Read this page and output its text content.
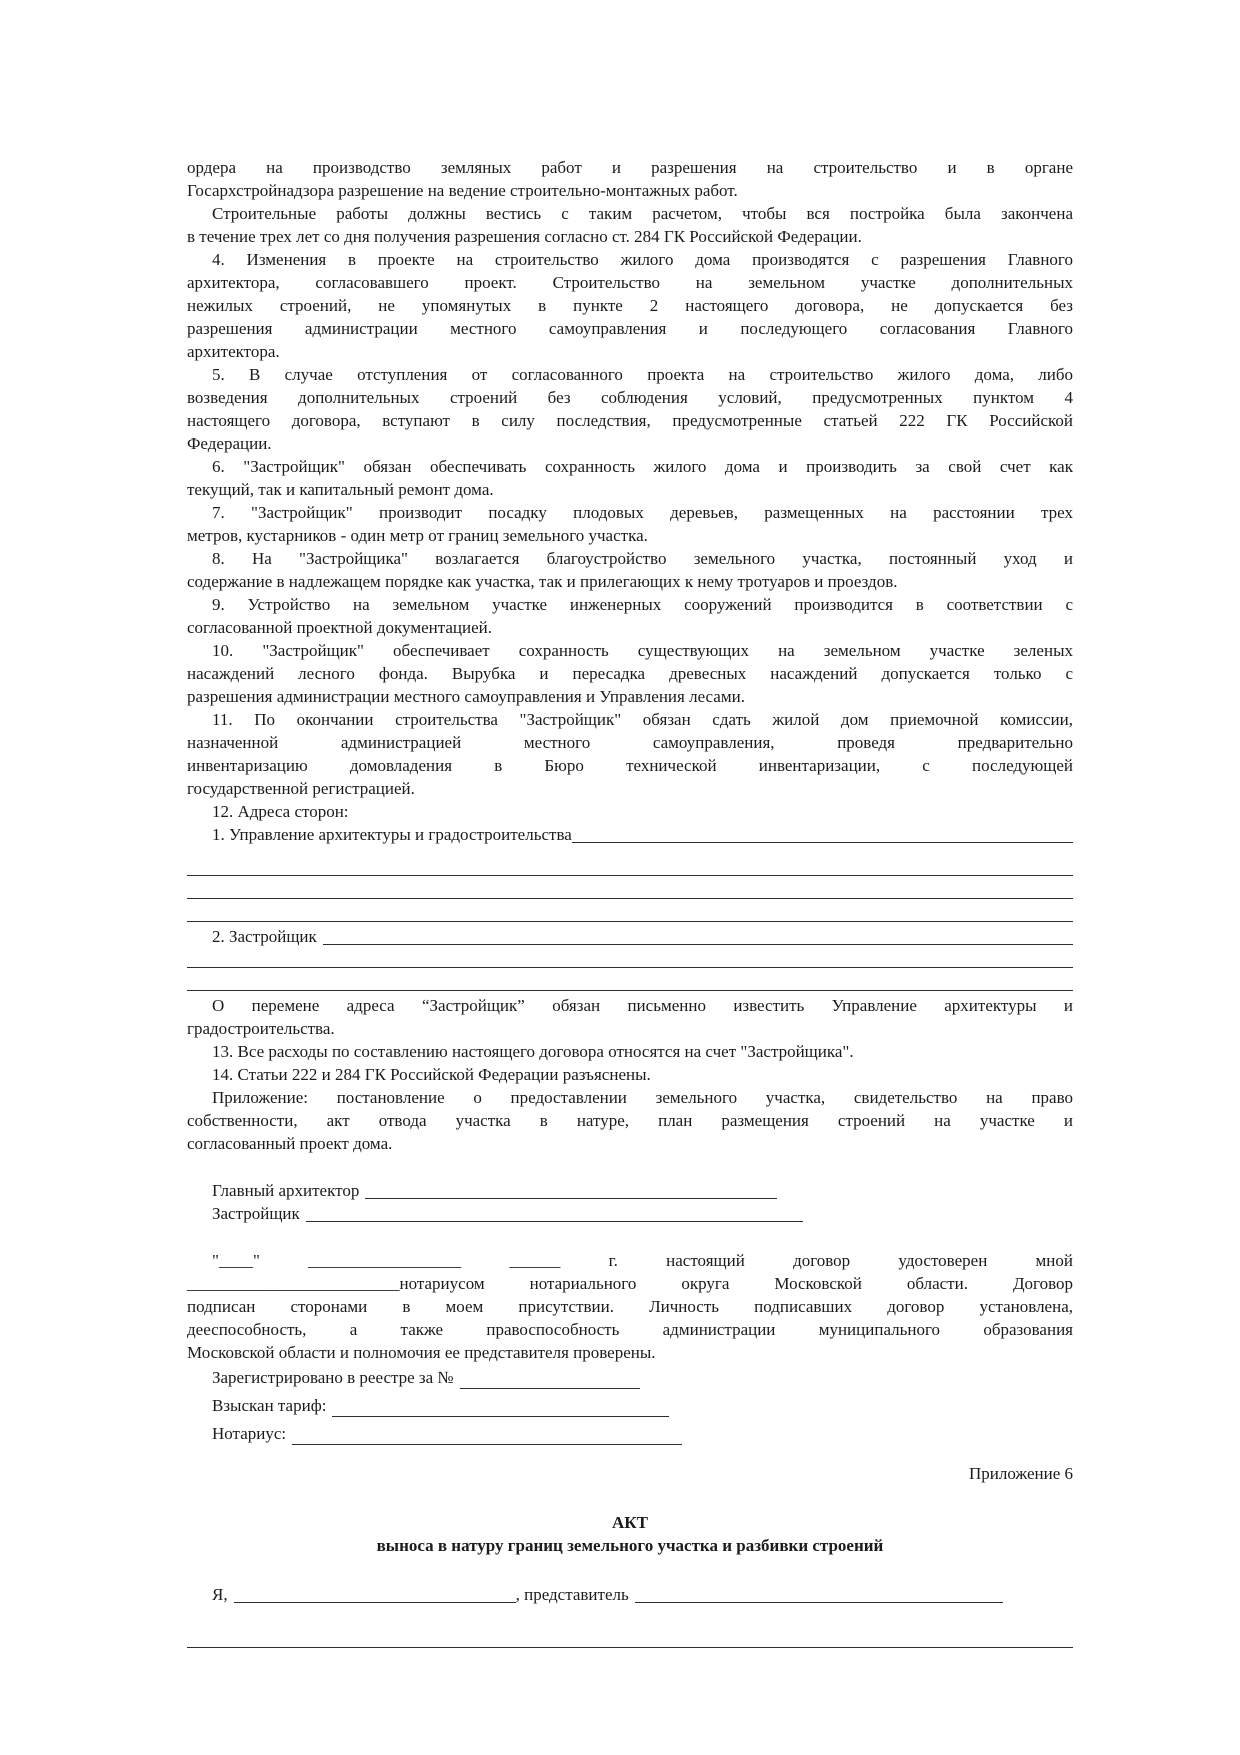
ордера на производство земляных работ и разрешения на строительство и в органе
Госархстройнадзора разрешение на ведение строительно-монтажных работ.
Строительные работы должны вестись с таким расчетом, чтобы вся постройка была закончена
в течение трех лет со дня получения разрешения согласно ст. 284 ГК Российской Федерации.
4. Изменения в проекте на строительство жилого дома производятся с разрешения Главного
архитектора, согласовавшего проект. Строительство на земельном участке дополнительных
нежилых строений, не упомянутых в пункте 2 настоящего договора, не допускается без
разрешения администрации местного самоуправления и последующего согласования Главного
архитектора.
5. В случае отступления от согласованного проекта на строительство жилого дома, либо
возведения дополнительных строений без соблюдения условий, предусмотренных пунктом 4
настоящего договора, вступают в силу последствия, предусмотренные статьей 222 ГК Российской
Федерации.
6. "Застройщик" обязан обеспечивать сохранность жилого дома и производить за свой счет как
текущий, так и капитальный ремонт дома.
7. "Застройщик" производит посадку плодовых деревьев, размещенных на расстоянии трех
метров, кустарников - один метр от границ земельного участка.
8. На "Застройщика" возлагается благоустройство земельного участка, постоянный уход и
содержание в надлежащем порядке как участка, так и прилегающих к нему тротуаров и проездов.
9. Устройство на земельном участке инженерных сооружений производится в соответствии с
согласованной проектной документацией.
10. "Застройщик" обеспечивает сохранность существующих на земельном участке зеленых
насаждений лесного фонда. Вырубка и пересадка древесных насаждений допускается только с
разрешения администрации местного самоуправления и Управления лесами.
11. По окончании строительства "Застройщик" обязан сдать жилой дом приемочной комиссии,
назначенной администрацией местного самоуправления, проведя предварительно
инвентаризацию домовладения в Бюро технической инвентаризации, с последующей
государственной регистрацией.
12. Адреса сторон:
1. Управление архитектуры и градостроительства
2. Застройщик
О перемене адреса “Застройщик” обязан письменно известить Управление архитектуры и
градостроительства.
13. Все расходы по составлению настоящего договора относятся на счет "Застройщика".
14. Статьи 222 и 284 ГК Российской Федерации разъяснены.
Приложение: постановление о предоставлении земельного участка, свидетельство на право
собственности, акт отвода участка в натуре, план размещения строений на участке и
согласованный проект дома.
Главный архитектор
Застройщик
"____" __________________ ______ г. настоящий договор удостоверен мной
_________________________нотариусом нотариального округа Московской области. Договор
подписан сторонами в моем присутствии. Личность подписавших договор установлена,
дееспособность, а также правоспособность администрации муниципального образования
Московской области и полномочия ее представителя проверены.
Зарегистрировано в реестре за №
Взыскан тариф:
Нотариус:
Приложение 6
АКТ
выноса в натуру границ земельного участка и разбивки строений
Я,	, представитель
